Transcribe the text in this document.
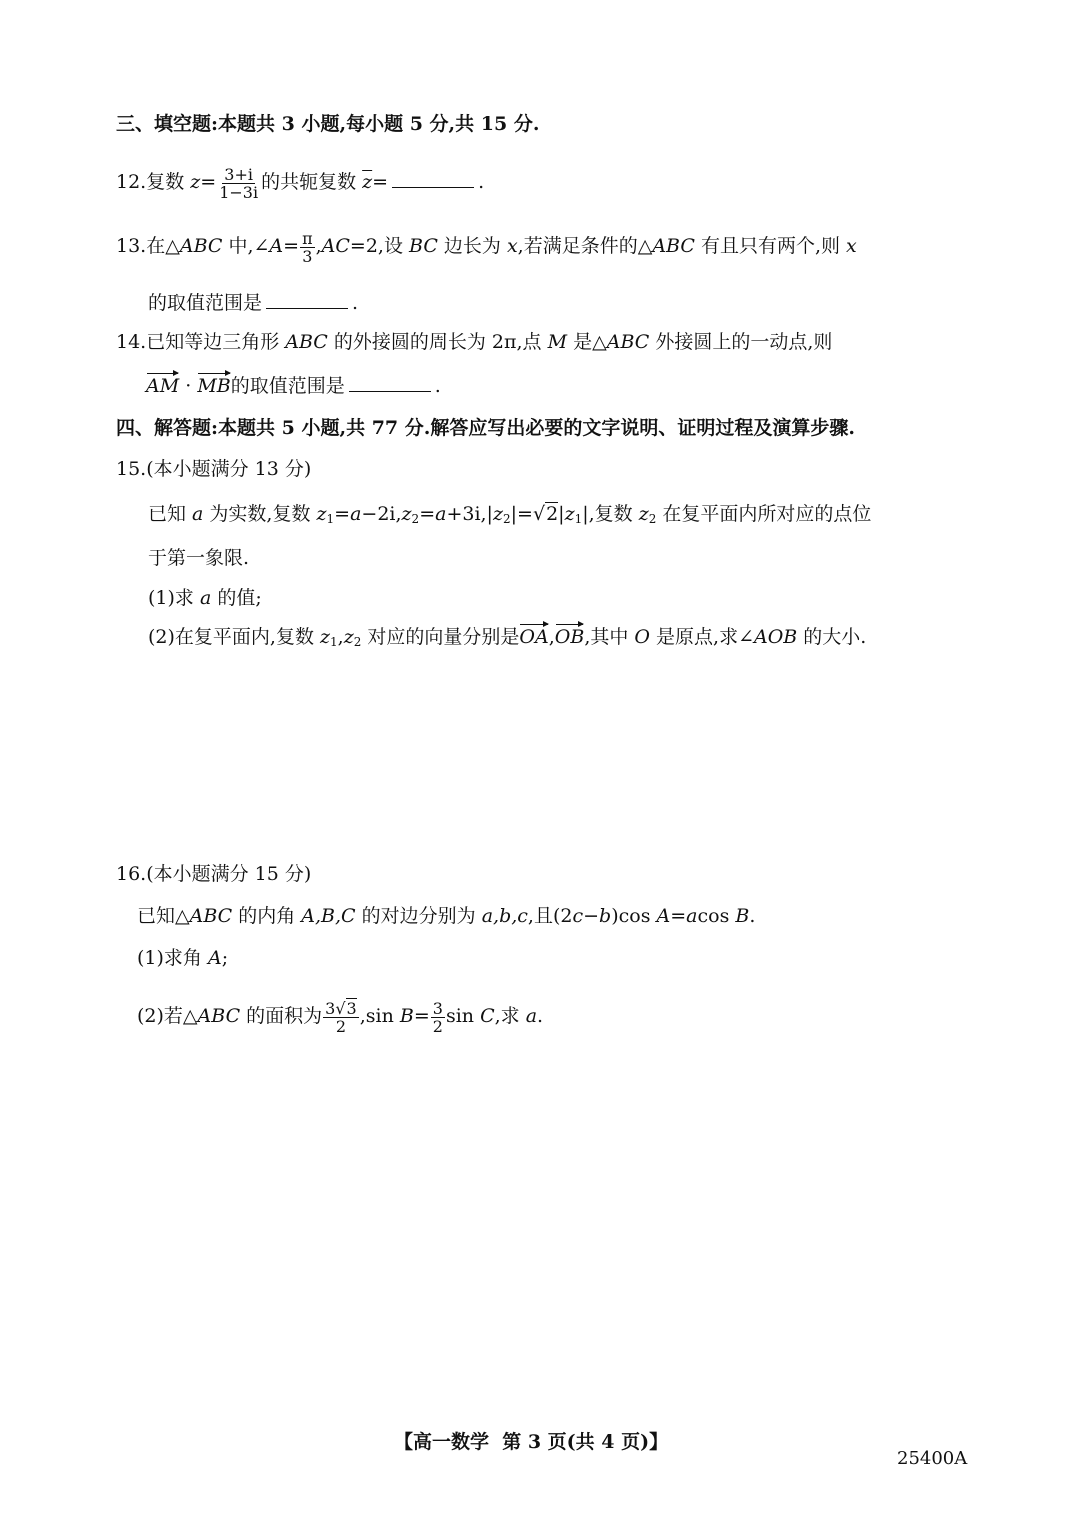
三、填空题:本题共 3 小题,每小题 5 分,共 15 分.
12.复数 $z= \frac{3+i}{1-3i}$ 的共轭复数 $\overline{z}=$	.
13.在△ABC 中,∠A= $\frac{\pi}{3} ,AC=2$,设 BC 边长为 x,若满足条件的△ABC 有且只有两个,则 x
的取值范围是	.
14.已知等边三角形 ABC 的外接圆的周长为 2π,点 M 是△ABC 外接圆上的一动点,则
AM · MB的取值范围是	.
四、解答题:本题共 5 小题,共 77 分.解答应写出必要的文字说明、证明过程及演算步骤.
15.(本小题满分 13 分)
已知 a 为实数,复数 $z_1=a-2i,z_2=a+3i,|z_2|=√2|z_1|$,复数 $z_2$ 在复平面内所对应的点位
于第一象限.
(1)求 a 的值;
(2)在复平面内,复数 $z_1,z_2$ 对应的向量分别是OA,OB,其中 O 是原点,求∠AOB 的大小.
16.(本小题满分 15 分)
已知△ABC 的内角 A,B,C 的对边分别为 a,b,c,且(2c−b)cos A=acos B.
(1)求角 A;
(2)若△ABC 的面积为 $\frac{3√3}{2} ,\sin$ $B= \frac{3}{2}$ sin C,求 a.
【高一数学  第 3 页(共 4 页)】
25400A
